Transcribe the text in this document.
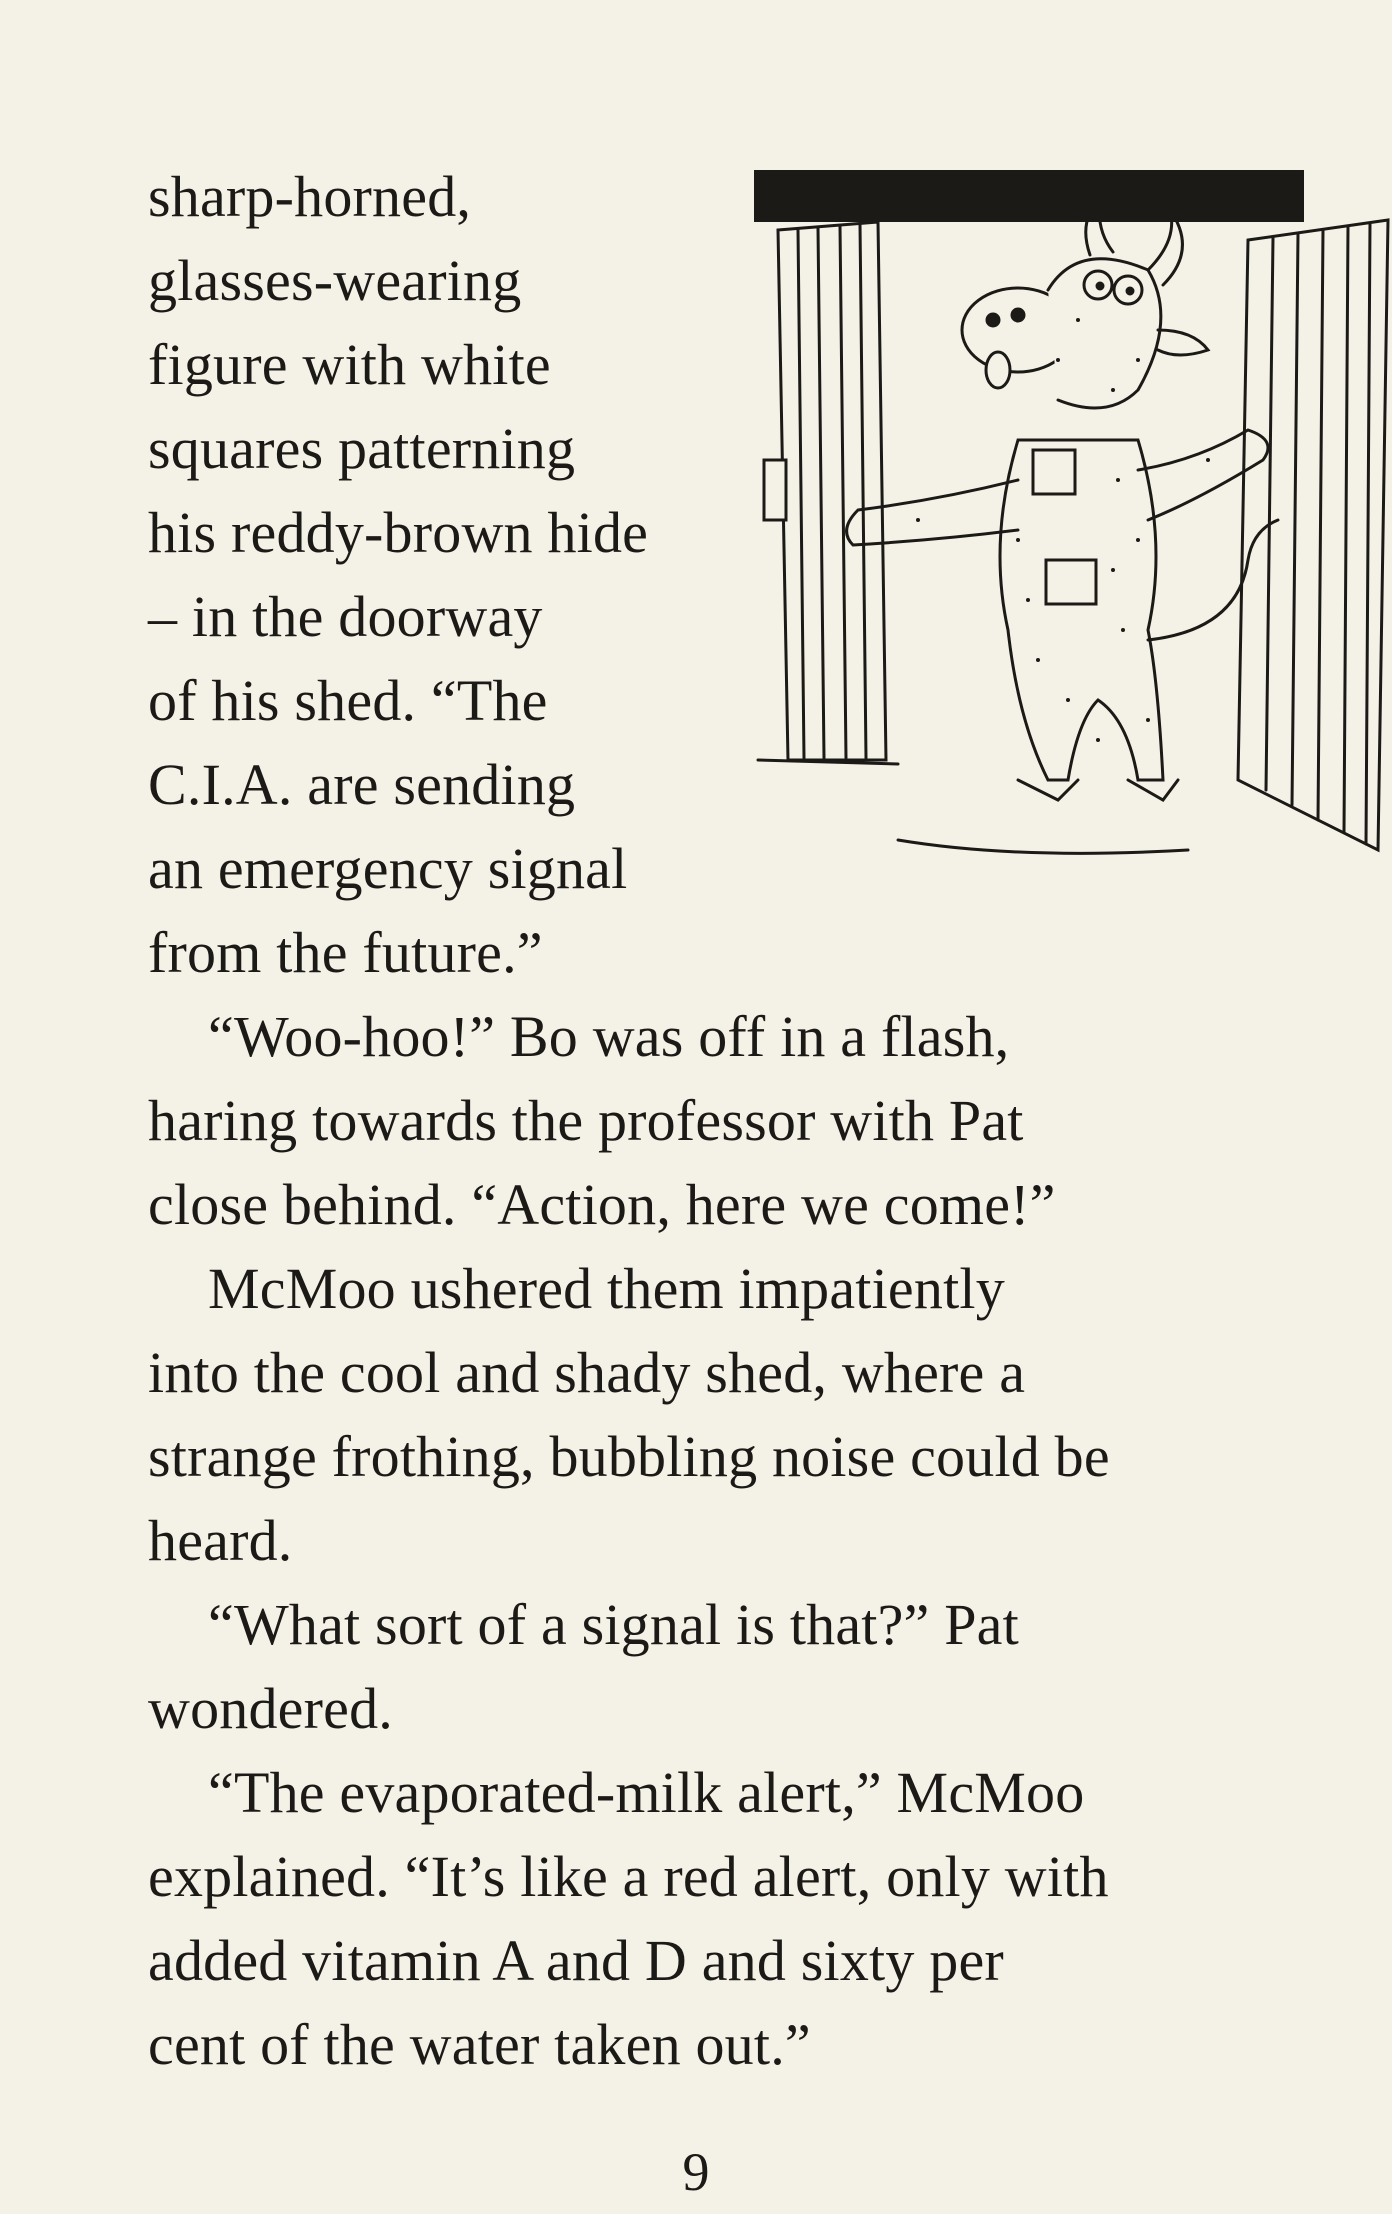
sharp-horned,
glasses-wearing
figure with white
squares patterning
his reddy-brown hide
– in the doorway
of his shed. “The
C.I.A. are sending
an emergency signal
from the future.”
“Woo-hoo!” Bo was off in a flash,
haring towards the professor with Pat
close behind. “Action, here we come!”
McMoo ushered them impatiently
into the cool and shady shed, where a
strange frothing, bubbling noise could be
heard.
“What sort of a signal is that?” Pat
wondered.
“The evaporated-milk alert,” McMoo
explained. “It’s like a red alert, only with
added vitamin A and D and sixty per
cent of the water taken out.”
9
